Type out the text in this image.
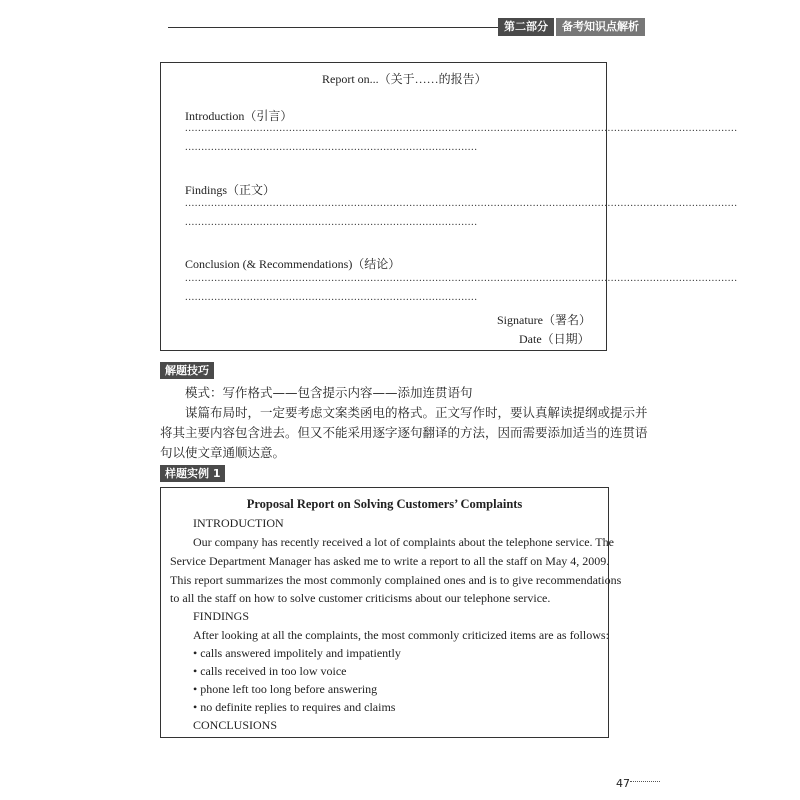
第二部分	备考知识点解析
Report on...（关于……的报告）
Introduction（引言）
..........................................................................................................................................................................
..........................................................................................
Findings（正文）
..........................................................................................................................................................................
..........................................................................................
Conclusion (& Recommendations)（结论）
..........................................................................................................................................................................
..........................................................................................
Signature（署名）
Date（日期）
解题技巧
模式：写作格式——包含提示内容——添加连贯语句
谋篇布局时，一定要考虑文案类函电的格式。正文写作时，要认真解读提纲或提示并
将其主要内容包含进去。但又不能采用逐字逐句翻译的方法，因而需要添加适当的连贯语
句以使文章通顺达意。
样题实例 1
Proposal Report on Solving Customers’ Complaints
INTRODUCTION
Our company has recently received a lot of complaints about the telephone service. The
Service Department Manager has asked me to write a report to all the staff on May 4, 2009.
This report summarizes the most commonly complained ones and is to give recommendations
to all the staff on how to solve customer criticisms about our telephone service.
FINDINGS
After looking at all the complaints, the most commonly criticized items are as follows:
• calls answered impolitely and impatiently
• calls received in too low voice
• phone left too long before answering
• no definite replies to requires and claims
CONCLUSIONS
47
